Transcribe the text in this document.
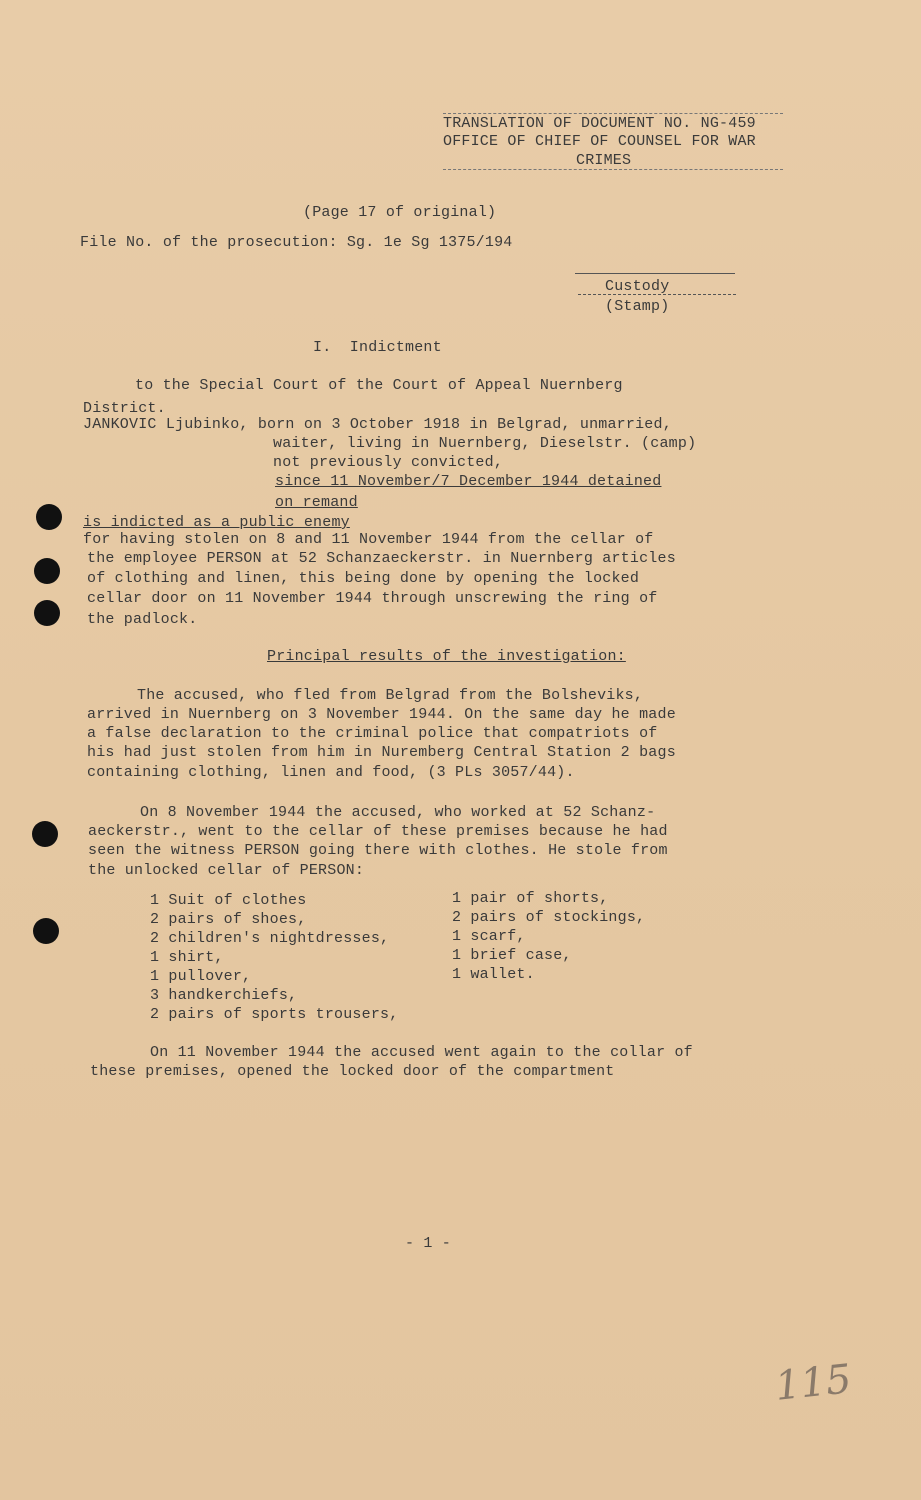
TRANSLATION OF DOCUMENT NO. NG-459
OFFICE OF CHIEF OF COUNSEL FOR WAR
CRIMES
(Page 17 of original)
File No. of the prosecution: Sg. 1e Sg 1375/194
Custody
(Stamp)
I.  Indictment
to the Special Court of the Court of Appeal Nuernberg
District.
JANKOVIC Ljubinko, born on 3 October 1918 in Belgrad, unmarried,
waiter, living in Nuernberg, Dieselstr. (camp)
not previously convicted,
since 11 November/7 December 1944 detained
on remand
is indicted as a public enemy
for having stolen on 8 and 11 November 1944 from the cellar of
the employee PERSON at 52 Schanzaeckerstr. in Nuernberg articles
of clothing and linen, this being done by opening the locked
cellar door on 11 November 1944 through unscrewing the ring of
the padlock.
Principal results of the investigation:
The accused, who fled from Belgrad from the Bolsheviks,
arrived in Nuernberg on 3 November 1944. On the same day he made
a false declaration to the criminal police that compatriots of
his had just stolen from him in Nuremberg Central Station 2 bags
containing clothing, linen and food, (3 PLs 3057/44).
On 8 November 1944 the accused, who worked at 52 Schanz-
aeckerstr., went to the cellar of these premises because he had
seen the witness PERSON going there with clothes. He stole from
the unlocked cellar of PERSON:
1 Suit of clothes
2 pairs of shoes,
2 children's nightdresses,
1 shirt,
1 pullover,
3 handkerchiefs,
2 pairs of sports trousers,
1 pair of shorts,
2 pairs of stockings,
1 scarf,
1 brief case,
1 wallet.
On 11 November 1944 the accused went again to the collar of
these premises, opened the locked door of the compartment
- 1 -
115
